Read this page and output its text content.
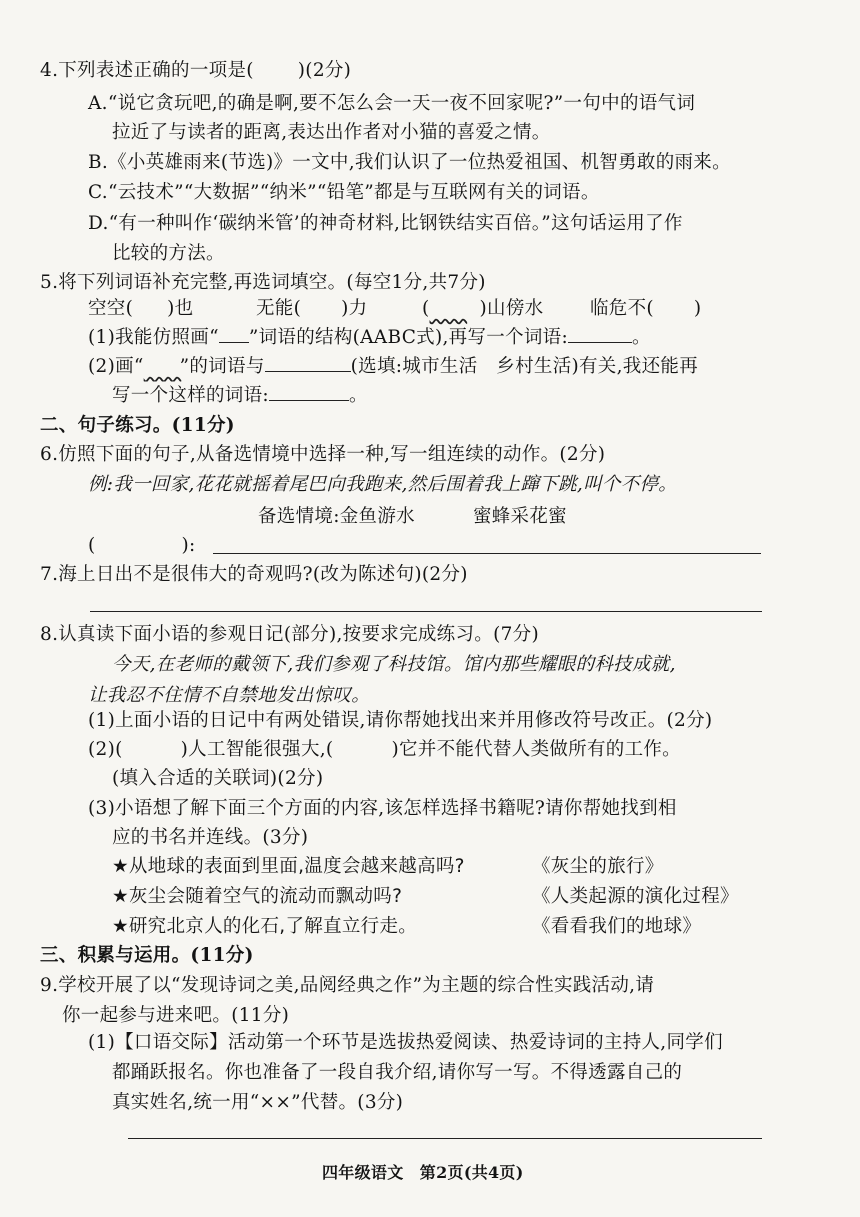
4.下列表述正确的一项是( )(2分)
A.“说它贪玩吧,的确是啊,要不怎么会一天一夜不回家呢?”一句中的语气词
拉近了与读者的距离,表达出作者对小猫的喜爱之情。
B.《小英雄雨来(节选)》一文中,我们认识了一位热爱祖国、机智勇敢的雨来。
C.“云技术”“大数据”“纳米”“铅笔”都是与互联网有关的词语。
D.“有一种叫作‘碳纳米管’的神奇材料,比钢铁结实百倍。”这句话运用了作
比较的方法。
5.将下列词语补充完整,再选词填空。(每空1分,共7分)
空空( )也	无能( )力	(　　	)山傍水	临危不( )
(1)我能仿照画“ ”词语的结构(AABC式),再写一个词语:	。
(2)画“　　 ”的词语与	(选填:城市生活　乡村生活)有关,我还能再
写一个这样的词语:	。
二、句子练习。(11分)
6.仿照下面的句子,从备选情境中选择一种,写一组连续的动作。(2分)
例:我一回家,花花就摇着尾巴向我跑来,然后围着我上蹿下跳,叫个不停。
备选情境:金鱼游水	蜜蜂采花蜜
(	):
7.海上日出不是很伟大的奇观吗?(改为陈述句)(2分)
8.认真读下面小语的参观日记(部分),按要求完成练习。(7分)
今天,在老师的戴领下,我们参观了科技馆。馆内那些耀眼的科技成就,
让我忍不住情不自禁地发出惊叹。
(1)上面小语的日记中有两处错误,请你帮她找出来并用修改符号改正。(2分)
(2)(	)人工智能很强大,(	)它并不能代替人类做所有的工作。
(填入合适的关联词)(2分)
(3)小语想了解下面三个方面的内容,该怎样选择书籍呢?请你帮她找到相
应的书名并连线。(3分)
★从地球的表面到里面,温度会越来越高吗?	《灰尘的旅行》
★灰尘会随着空气的流动而飘动吗?	《人类起源的演化过程》
★研究北京人的化石,了解直立行走。	《看看我们的地球》
三、积累与运用。(11分)
9.学校开展了以“发现诗词之美,品阅经典之作”为主题的综合性实践活动,请
你一起参与进来吧。(11分)
(1)【口语交际】活动第一个环节是选拔热爱阅读、热爱诗词的主持人,同学们
都踊跃报名。你也准备了一段自我介绍,请你写一写。不得透露自己的
真实姓名,统一用“××”代替。(3分)
四年级语文　第2页(共4页)
